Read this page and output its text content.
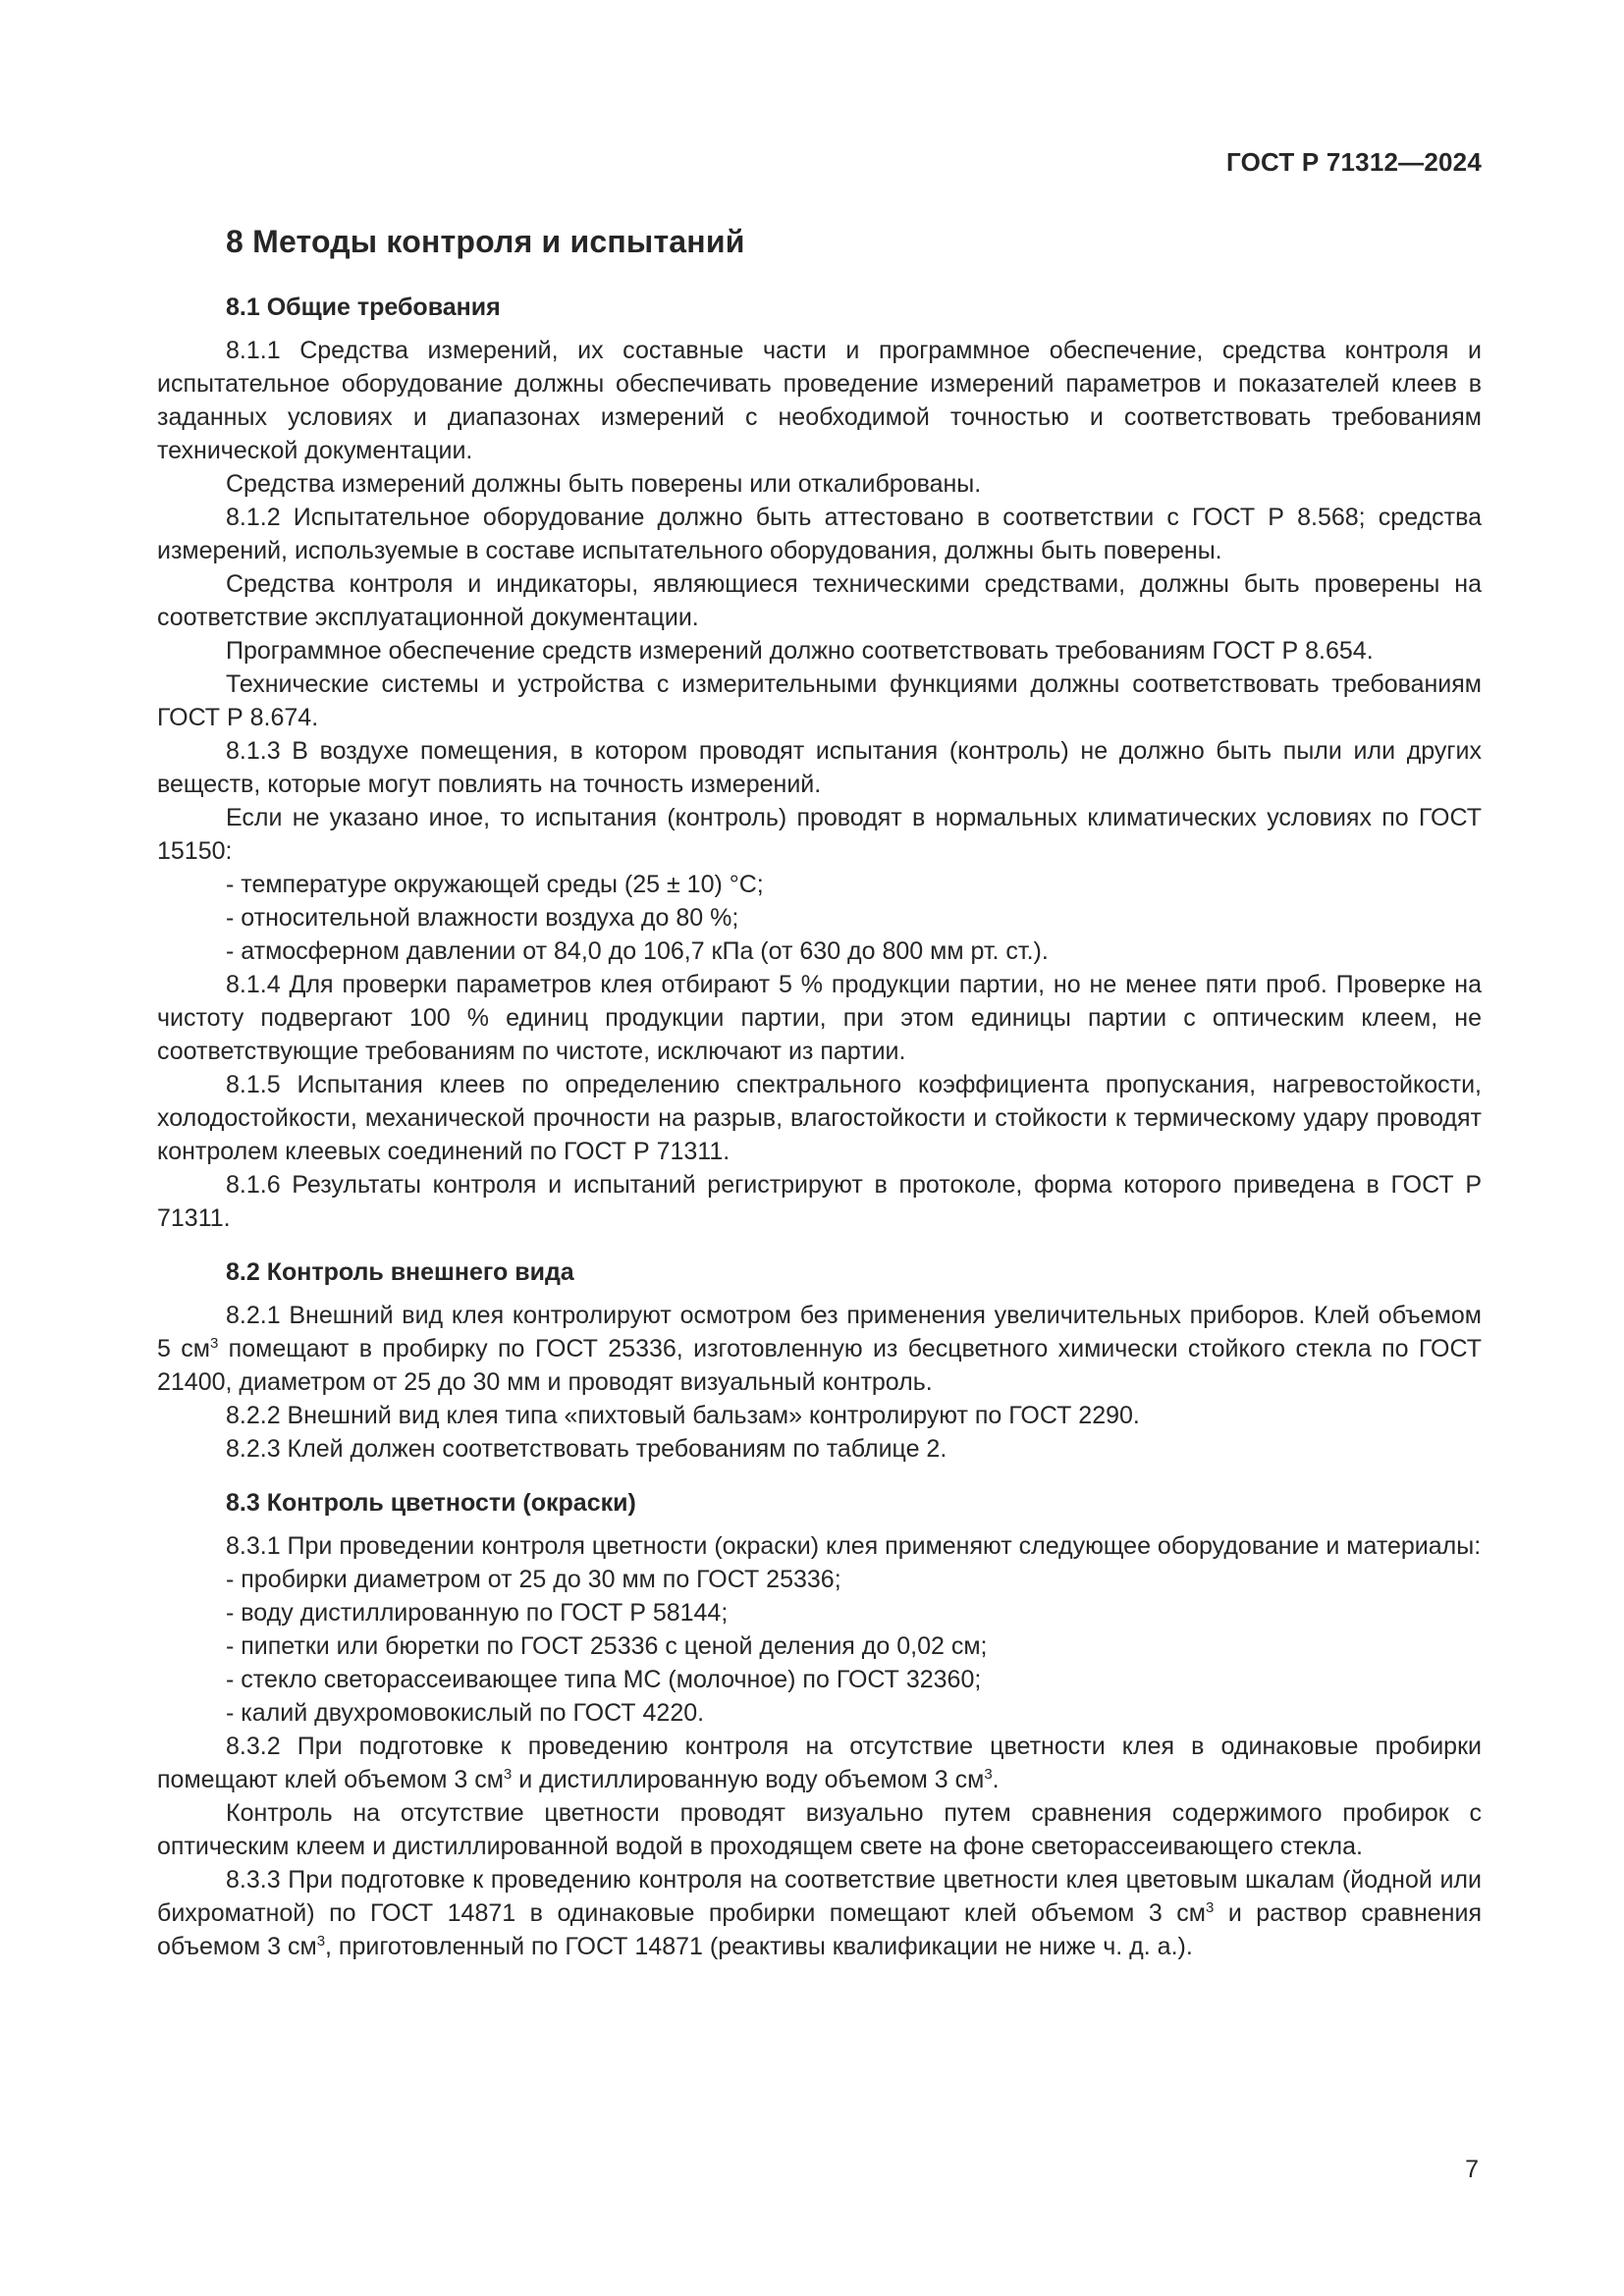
ГОСТ Р 71312—2024
8 Методы контроля и испытаний
8.1 Общие требования

8.1.1 Средства измерений, их составные части и программное обеспечение, средства контроля и испытательное оборудование должны обеспечивать проведение измерений параметров и показателей клеев в заданных условиях и диапазонах измерений с необходимой точностью и соответствовать требованиям технической документации.

Средства измерений должны быть поверены или откалиброваны.

8.1.2 Испытательное оборудование должно быть аттестовано в соответствии с ГОСТ Р 8.568; средства измерений, используемые в составе испытательного оборудования, должны быть поверены.

Средства контроля и индикаторы, являющиеся техническими средствами, должны быть проверены на соответствие эксплуатационной документации.

Программное обеспечение средств измерений должно соответствовать требованиям ГОСТ Р 8.654.

Технические системы и устройства с измерительными функциями должны соответствовать требованиям ГОСТ Р 8.674.

8.1.3 В воздухе помещения, в котором проводят испытания (контроль) не должно быть пыли или других веществ, которые могут повлиять на точность измерений.

Если не указано иное, то испытания (контроль) проводят в нормальных климатических условиях по ГОСТ 15150:

- температуре окружающей среды (25 ± 10) °С;

- относительной влажности воздуха до 80 %;

- атмосферном давлении от 84,0 до 106,7 кПа (от 630 до 800 мм рт. ст.).

8.1.4 Для проверки параметров клея отбирают 5 % продукции партии, но не менее пяти проб. Проверке на чистоту подвергают 100 % единиц продукции партии, при этом единицы партии с оптическим клеем, не соответствующие требованиям по чистоте, исключают из партии.

8.1.5 Испытания клеев по определению спектрального коэффициента пропускания, нагревостойкости, холодостойкости, механической прочности на разрыв, влагостойкости и стойкости к термическому удару проводят контролем клеевых соединений по ГОСТ Р 71311.

8.1.6 Результаты контроля и испытаний регистрируют в протоколе, форма которого приведена в ГОСТ Р 71311.

8.2 Контроль внешнего вида

8.2.1 Внешний вид клея контролируют осмотром без применения увеличительных приборов. Клей объемом 5 $см^3$ помещают в пробирку по ГОСТ 25336, изготовленную из бесцветного химически стойкого стекла по ГОСТ 21400, диаметром от 25 до 30 мм и проводят визуальный контроль.

8.2.2 Внешний вид клея типа «пихтовый бальзам» контролируют по ГОСТ 2290.

8.2.3 Клей должен соответствовать требованиям по таблице 2.

8.3 Контроль цветности (окраски)

8.3.1 При проведении контроля цветности (окраски) клея применяют следующее оборудование и материалы:

- пробирки диаметром от 25 до 30 мм по ГОСТ 25336;

- воду дистиллированную по ГОСТ Р 58144;

- пипетки или бюретки по ГОСТ 25336 с ценой деления до 0,02 см;

- стекло светорассеивающее типа МС (молочное) по ГОСТ 32360;

- калий двухромовокислый по ГОСТ 4220.

8.3.2 При подготовке к проведению контроля на отсутствие цветности клея в одинаковые пробирки помещают клей объемом 3 $см^3$ и дистиллированную воду объемом 3 $см^3$.

Контроль на отсутствие цветности проводят визуально путем сравнения содержимого пробирок с оптическим клеем и дистиллированной водой в проходящем свете на фоне светорассеивающего стекла.

8.3.3 При подготовке к проведению контроля на соответствие цветности клея цветовым шкалам (йодной или бихроматной) по ГОСТ 14871 в одинаковые пробирки помещают клей объемом 3 $см^3$ и раствор сравнения объемом 3 $см^3$, приготовленный по ГОСТ 14871 (реактивы квалификации не ниже ч. д. а.).

7
